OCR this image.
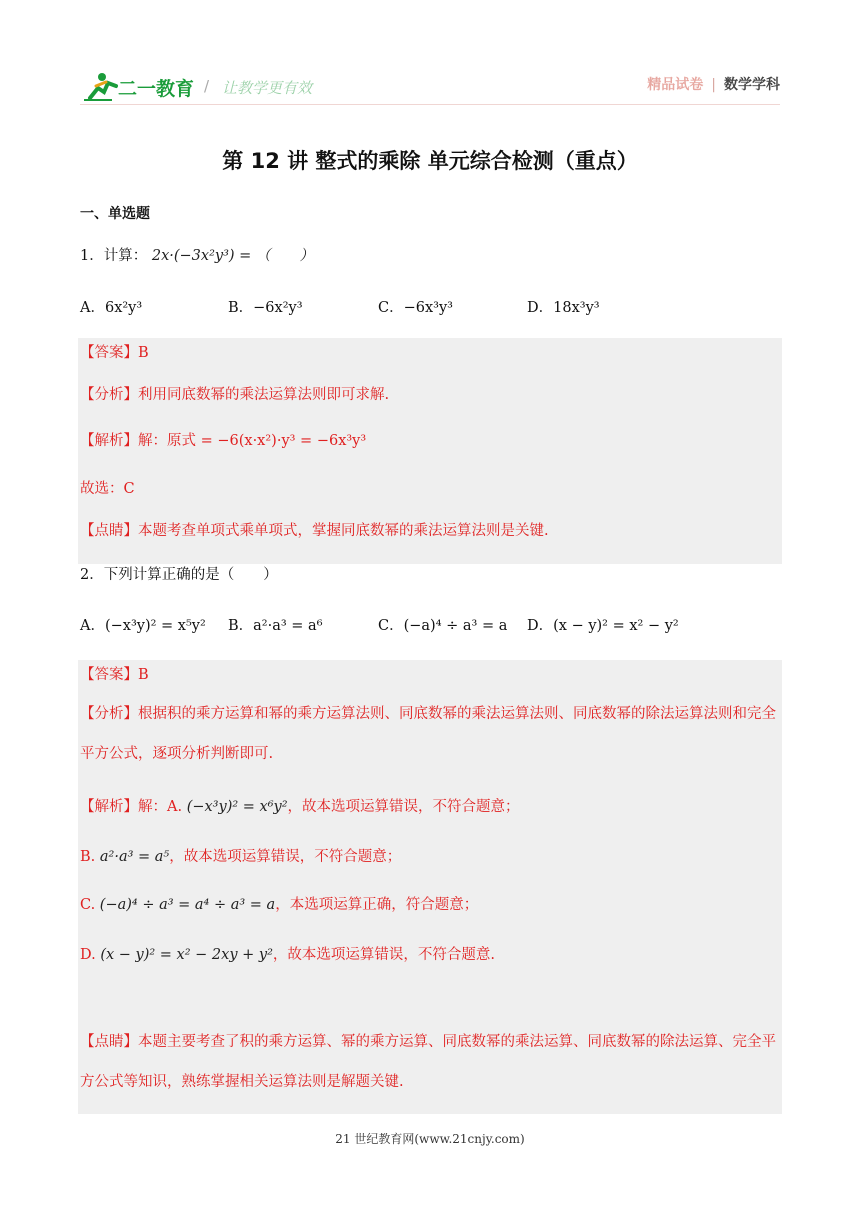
二一教育 / 让教学更有效	精品试卷 | 数学学科
第 12 讲 整式的乘除 单元综合检测（重点）
一、单选题
1．计算： 2x·(−3x²y³) = （　　）
A．6x²y³	B．−6x²y³	C．−6x³y³	D．18x³y³
【答案】B
【分析】利用同底数幂的乘法运算法则即可求解.
【解析】解：原式 = −6(x·x²)·y³ = −6x³y³
故选：C
【点睛】本题考查单项式乘单项式，掌握同底数幂的乘法运算法则是关键.
2．下列计算正确的是（　　）
A．(−x³y)² = x⁵y² B．a²·a³ = a⁶	C．(−a)⁴ ÷ a³ = a D．(x − y)² = x² − y²
【答案】B
【分析】根据积的乘方运算和幂的乘方运算法则、同底数幂的乘法运算法则、同底数幂的除法运算法则和完全平方公式，逐项分析判断即可.
【解析】解：A. (−x³y)² = x⁶y²，故本选项运算错误，不符合题意；
B. a²·a³ = a⁵，故本选项运算错误，不符合题意；
C. (−a)⁴ ÷ a³ = a⁴ ÷ a³ = a，本选项运算正确，符合题意；
D. (x − y)² = x² − 2xy + y²，故本选项运算错误，不符合题意.
【点睛】本题主要考查了积的乘方运算、幂的乘方运算、同底数幂的乘法运算、同底数幂的除法运算、完全平方公式等知识，熟练掌握相关运算法则是解题关键.
21 世纪教育网(www.21cnjy.com)
